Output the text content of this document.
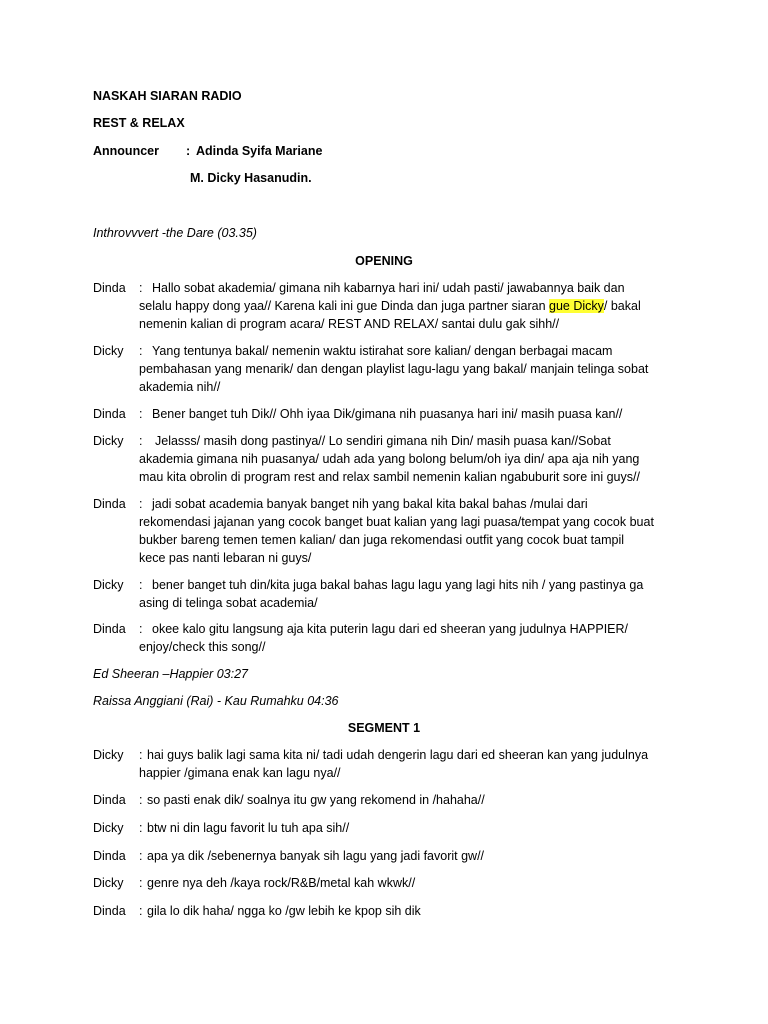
NASKAH SIARAN RADIO
REST & RELAX
Announcer : Adinda Syifa Mariane
M. Dicky Hasanudin.
Inthrovvvert -the Dare (03.35)
OPENING
Dinda	: Hallo sobat akademia/ gimana nih kabarnya hari ini/ udah pasti/ jawabannya baik dan
selalu happy dong yaa// Karena kali ini gue Dinda dan juga partner siaran gue Dicky/ bakal
nemenin kalian di program acara/ REST AND RELAX/ santai dulu gak sihh//
Dicky	: Yang tentunya bakal/ nemenin waktu istirahat sore kalian/ dengan berbagai macam
pembahasan yang menarik/ dan dengan playlist lagu-lagu yang bakal/ manjain telinga sobat
akademia nih//
Dinda	: Bener banget tuh Dik// Ohh iyaa Dik/gimana nih puasanya hari ini/ masih puasa kan//
Dicky	:	Jelasss/ masih dong pastinya// Lo sendiri gimana nih Din/ masih puasa kan//Sobat
akademia gimana nih puasanya/ udah ada yang bolong belum/oh iya din/ apa aja nih yang
mau kita obrolin di program rest and relax sambil nemenin kalian ngabuburit sore ini guys//
Dinda	: jadi sobat academia banyak banget nih yang bakal kita bakal bahas /mulai dari
rekomendasi jajanan yang cocok banget buat kalian yang lagi puasa/tempat yang cocok buat
bukber bareng temen temen kalian/ dan juga rekomendasi outfit yang cocok buat tampil
kece pas nanti lebaran ni guys/
Dicky	: bener banget tuh din/kita juga bakal bahas lagu lagu yang lagi hits nih / yang pastinya ga
asing di telinga sobat academia/
Dinda	: okee kalo gitu langsung aja kita puterin lagu dari ed sheeran yang judulnya HAPPIER/
enjoy/check this song//
Ed Sheeran –Happier 03:27
Raissa Anggiani (Rai) - Kau Rumahku 04:36
SEGMENT 1
Dicky	: hai guys balik lagi sama kita ni/ tadi udah dengerin lagu dari ed sheeran kan yang judulnya
happier /gimana enak kan lagu nya//
Dinda	: so pasti enak dik/ soalnya itu gw yang rekomend in /hahaha//
Dicky	: btw ni din lagu favorit lu tuh apa sih//
Dinda	: apa ya dik /sebenernya banyak sih lagu yang jadi favorit gw//
Dicky	: genre nya deh /kaya rock/R&B/metal kah wkwk//
Dinda	: gila lo dik haha/ ngga ko /gw lebih ke kpop sih dik
